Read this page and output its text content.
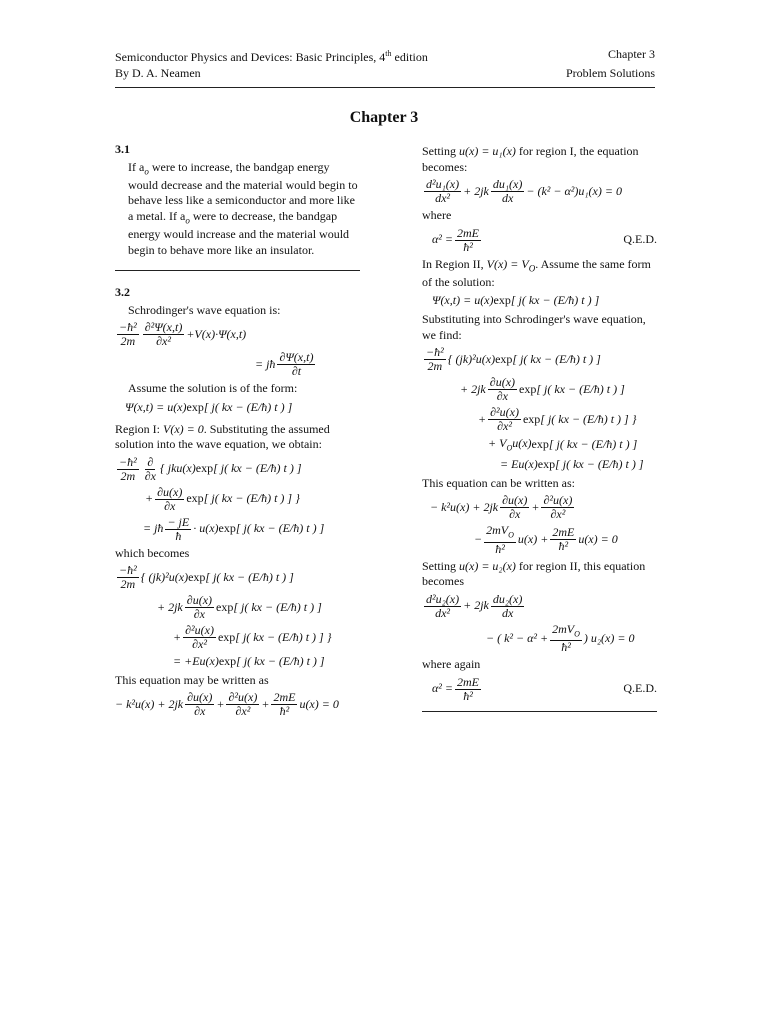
Semiconductor Physics and Devices: Basic Principles, 4th edition	Chapter 3
By D. A. Neamen	Problem Solutions
Chapter 3
3.1

If $a_o$ were to increase, the bandgap energy would decrease and the material would begin to behave less like a semiconductor and more like a metal. If $a_o$ were to decrease, the bandgap energy would increase and the material would begin to behave more like an insulator.

3.2

Schrodinger's wave equation is:

$\frac{\text{−ħ²}}{2m} \frac{\text{∂²Ψ(x,t)}}{\text{∂x²}} +V(x)\cdot\Psi(x,t)$
= jħ $\frac{\partial\Psi(x,t)}{\partial t}$

Assume the solution is of the form:

Ψ(x,t) = u(x) exp [ j( kx − (E/ħ) t ) ]

Region I: V(x) = 0. Substituting the assumed solution into the wave equation, we obtain:

$\frac{\text{−ħ²}}{2m} \frac{\partial}{\partial x}$ { jku(x) exp [ j( kx − (E/ħ) t ) ]
+ $\frac{\partial u(x)}{\partial x}$ exp [ j( kx − (E/ħ) t ) ] }
= jħ $\frac{- jE}{ħ} \cdot u(x)$ exp [ j( kx − (E/ħ) t ) ]

which becomes

$\frac{\text{−ħ²}}{2m}$ { (jk)²u(x) exp [ j( kx − (E/ħ) t ) ]
+ $2jk \frac{\partial u(x)}{\partial x}$ exp [ j( kx − (E/ħ) t ) ]
+ $\frac{\text{∂²u(x)}}{\text{∂x²}}$ exp [ j( kx − (E/ħ) t ) ] }
= +Eu(x) exp [ j( kx − (E/ħ) t ) ]

This equation may be written as

− $k^2u(x) + 2jk \frac{\partial u(x)}{\partial x} + \frac{\text{∂²u(x)}}{\text{∂x²}} + \frac{2mE}{\text{ħ²}} u(x) = 0$

Setting u(x) = u₁(x) for region I, the equation becomes:

$\frac{\text{d²u₁(x)}}{\text{dx²}} + 2jk \frac{\text{du₁(x)}}{dx} - (k^2 - \alpha^2)u_1(x) = 0$

where

$\alpha^2 = \frac{2mE}{\text{ħ²}}$	Q.E.D.

In Region II, $V(x) = V_O$. Assume the same form of the solution:

Ψ(x,t) = u(x) exp [ j( kx − (E/ħ) t ) ]

Substituting into Schrodinger's wave equation, we find:

$\frac{\text{−ħ²}}{2m}$ { (jk)²u(x) exp [ j( kx − (E/ħ) t ) ]
+ $2jk \frac{\partial u(x)}{\partial x}$ exp [ j( kx − (E/ħ) t ) ]
+ $\frac{\text{∂²u(x)}}{\text{∂x²}}$ exp [ j( kx − (E/ħ) t ) ] }
+ $V_Ou(x)$ exp [ j( kx − (E/ħ) t ) ]
= Eu(x) exp [ j( kx − (E/ħ) t ) ]

This equation can be written as:

− $k^2u(x) + 2jk \frac{\partial u(x)}{\partial x} + \frac{\text{∂²u(x)}}{\text{∂x²}}$
− $\frac{2mV_O}{\text{ħ²}} u(x) + \frac{2mE}{\text{ħ²}} u(x) = 0$

Setting u(x) = u₂(x) for region II, this equation becomes

$\frac{\text{d²u₂(x)}}{\text{dx²}} + 2jk \frac{\text{du₂(x)}}{dx}$
− ( $k^2 - \alpha^2 + \frac{2mV_O}{\text{ħ²}}$ ) u₂(x) = 0

where again

$\alpha^2 = \frac{2mE}{\text{ħ²}}$	Q.E.D.
